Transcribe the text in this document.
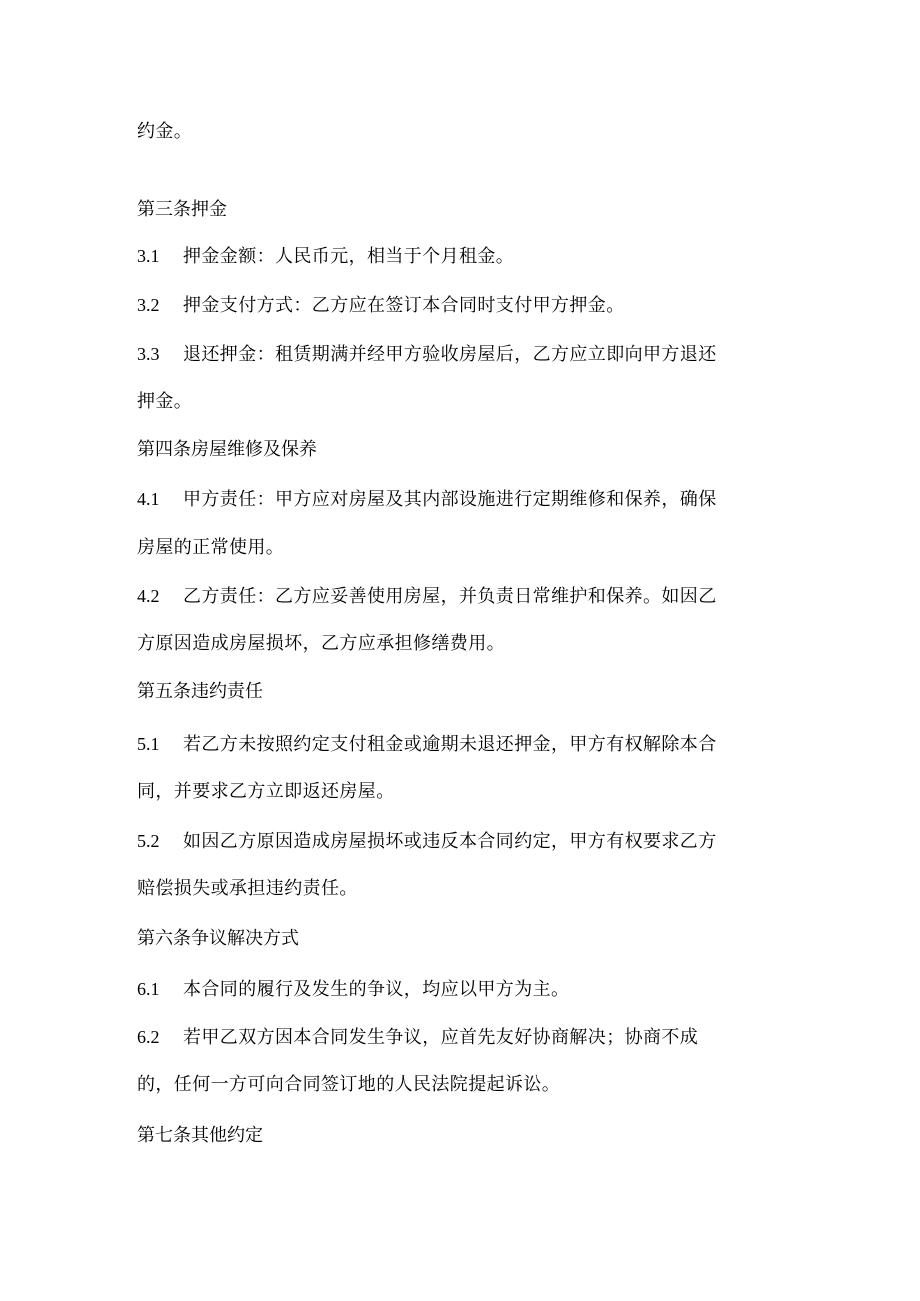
约金。
第三条押金
3.1 押金金额：人民币元，相当于个月租金。
3.2 押金支付方式：乙方应在签订本合同时支付甲方押金。
3.3 退还押金：租赁期满并经甲方验收房屋后，乙方应立即向甲方退还
押金。
第四条房屋维修及保养
4.1 甲方责任：甲方应对房屋及其内部设施进行定期维修和保养，确保
房屋的正常使用。
4.2 乙方责任：乙方应妥善使用房屋，并负责日常维护和保养。如因乙
方原因造成房屋损坏，乙方应承担修缮费用。
第五条违约责任
5.1 若乙方未按照约定支付租金或逾期未退还押金，甲方有权解除本合
同，并要求乙方立即返还房屋。
5.2 如因乙方原因造成房屋损坏或违反本合同约定，甲方有权要求乙方
赔偿损失或承担违约责任。
第六条争议解决方式
6.1 本合同的履行及发生的争议，均应以甲方为主。
6.2 若甲乙双方因本合同发生争议，应首先友好协商解决；协商不成
的，任何一方可向合同签订地的人民法院提起诉讼。
第七条其他约定
